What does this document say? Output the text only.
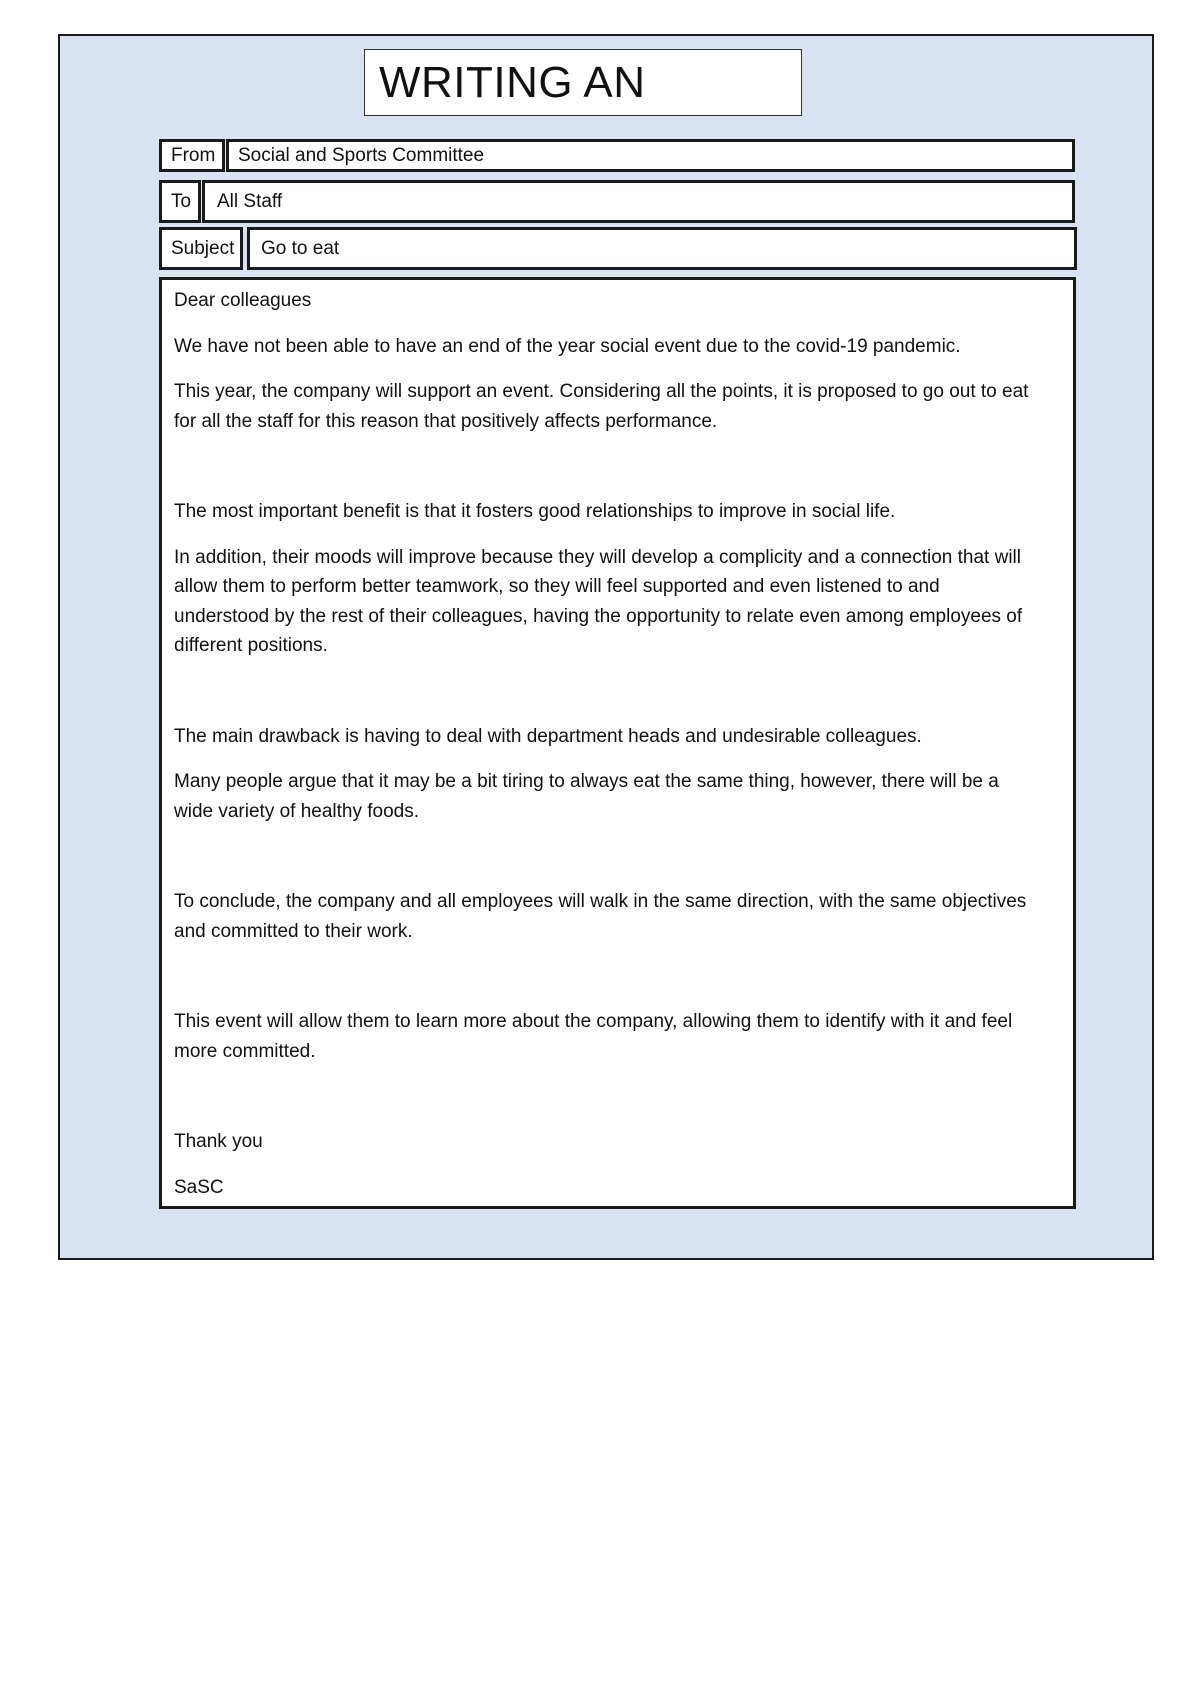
WRITING AN
From Social and Sports Committee
To All Staff
Subject Go to eat

Dear colleagues

We have not been able to have an end of the year social event due to the covid-19 pandemic.

This year, the company will support an event. Considering all the points, it is proposed to go out to eat for all the staff for this reason that positively affects performance.

The most important benefit is that it fosters good relationships to improve in social life.

In addition, their moods will improve because they will develop a complicity and a connection that will allow them to perform better teamwork, so they will feel supported and even listened to and understood by the rest of their colleagues, having the opportunity to relate even among employees of different positions.

The main drawback is having to deal with department heads and undesirable colleagues.

Many people argue that it may be a bit tiring to always eat the same thing, however, there will be a wide variety of healthy foods.

To conclude, the company and all employees will walk in the same direction, with the same objectives and committed to their work.

This event will allow them to learn more about the company, allowing them to identify with it and feel more committed.

Thank you

SaSC
